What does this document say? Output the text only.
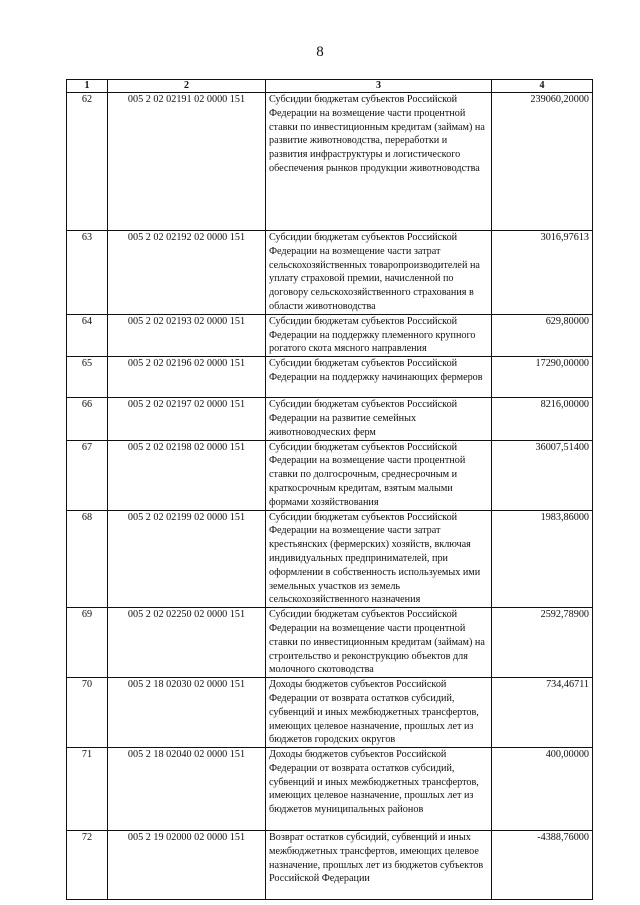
8
1	2	3	4
62	005 2 02 02191 02 0000 151	Субсидии бюджетам субъектов Российской Федерации на возмещение части процентной ставки по инвестиционным кредитам (займам) на развитие животноводства, переработки и развития инфраструктуры и логистического обеспечения рынков продукции животноводства	239060,20000
63	005 2 02 02192 02 0000 151	Субсидии бюджетам субъектов Российской Федерации на возмещение части затрат сельскохозяйственных товаропроизводителей на уплату страховой премии, начисленной по договору сельскохозяйственного страхования в области животноводства	3016,97613
64	005 2 02 02193 02 0000 151	Субсидии бюджетам субъектов Российской Федерации на поддержку племенного крупного рогатого скота мясного направления	629,80000
65	005 2 02 02196 02 0000 151	Субсидии бюджетам субъектов Российской Федерации на поддержку начинающих фермеров	17290,00000
66	005 2 02 02197 02 0000 151	Субсидии бюджетам субъектов Российской Федерации на развитие семейных животноводческих ферм	8216,00000
67	005 2 02 02198 02 0000 151	Субсидии бюджетам субъектов Российской Федерации на возмещение части процентной ставки по долгосрочным, среднесрочным и краткосрочным кредитам, взятым малыми формами хозяйствования	36007,51400
68	005 2 02 02199 02 0000 151	Субсидии бюджетам субъектов Российской Федерации на возмещение части затрат крестьянских (фермерских) хозяйств, включая индивидуальных предпринимателей, при оформлении в собственность используемых ими земельных участков из земель сельскохозяйственного назначения	1983,86000
69	005 2 02 02250 02 0000 151	Субсидии бюджетам субъектов Российской Федерации на возмещение части процентной ставки по инвестиционным кредитам (займам) на строительство и реконструкцию объектов для молочного скотоводства	2592,78900
70	005 2 18 02030 02 0000 151	Доходы бюджетов субъектов Российской Федерации от возврата остатков субсидий, субвенций и иных межбюджетных трансфертов, имеющих целевое назначение, прошлых лет из бюджетов городских округов	734,46711
71	005 2 18 02040 02 0000 151	Доходы бюджетов субъектов Российской Федерации от возврата остатков субсидий, субвенций и иных межбюджетных трансфертов, имеющих целевое назначение, прошлых лет из бюджетов муниципальных районов	400,00000
72	005 2 19 02000 02 0000 151	Возврат остатков субсидий, субвенций и иных межбюджетных трансфертов, имеющих целевое назначение, прошлых лет из бюджетов субъектов Российской Федерации	-4388,76000
